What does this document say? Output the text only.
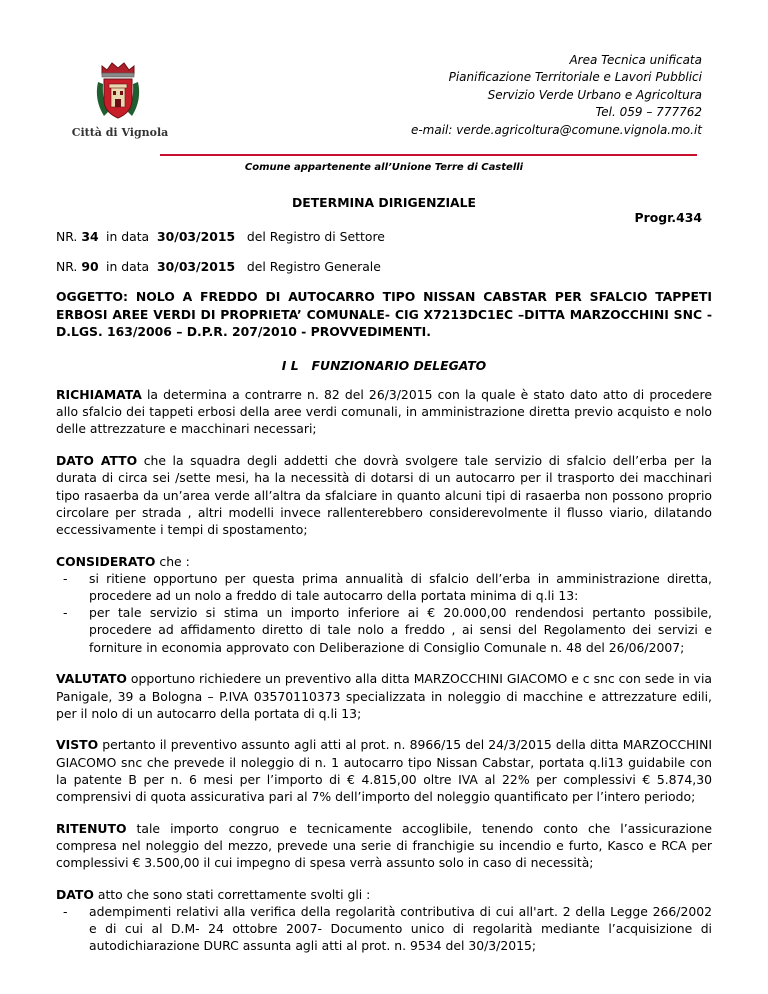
Città di Vignola
Area Tecnica unificata
Pianificazione Territoriale e Lavori Pubblici
Servizio Verde Urbano e Agricoltura
Tel. 059 – 777762
e-mail: verde.agricoltura@comune.vignola.mo.it
Comune appartenente all’Unione Terre di Castelli
DETERMINA DIRIGENZIALE
Progr.434
NR. 34 in data 30/03/2015 del Registro di Settore
NR. 90 in data 30/03/2015 del Registro Generale
OGGETTO: NOLO A FREDDO DI AUTOCARRO TIPO NISSAN CABSTAR PER SFALCIO TAPPETI ERBOSI AREE VERDI DI PROPRIETA’ COMUNALE- CIG X7213DC1EC –DITTA MARZOCCHINI SNC - D.LGS. 163/2006 – D.P.R. 207/2010 - PROVVEDIMENTI.
I L   FUNZIONARIO DELEGATO

RICHIAMATA la determina a contrarre n. 82 del 26/3/2015 con la quale è stato dato atto di procedere allo sfalcio dei tappeti erbosi della aree verdi comunali, in amministrazione diretta previo acquisto e nolo delle attrezzature e macchinari necessari;

DATO ATTO che la squadra degli addetti che dovrà svolgere tale servizio di sfalcio dell’erba per la durata di circa sei /sette mesi, ha la necessità di dotarsi di un autocarro per il trasporto dei macchinari tipo rasaerba da un’area verde all’altra da sfalciare in quanto alcuni tipi di rasaerba non possono proprio circolare per strada , altri modelli invece rallenterebbero considerevolmente il flusso viario, dilatando eccessivamente i tempi di spostamento;

CONSIDERATO che :

- si ritiene opportuno per questa prima annualità di sfalcio dell’erba in amministrazione diretta, procedere ad un nolo a freddo di tale autocarro della portata minima di q.li 13:
- per tale servizio si stima un importo inferiore ai € 20.000,00 rendendosi pertanto possibile, procedere ad affidamento diretto di tale nolo a freddo , ai sensi del Regolamento dei servizi e forniture in economia approvato con Deliberazione di Consiglio Comunale n. 48 del 26/06/2007;

VALUTATO opportuno richiedere un preventivo alla ditta MARZOCCHINI GIACOMO e c snc con sede in via Panigale, 39 a Bologna – P.IVA 03570110373 specializzata in noleggio di macchine e attrezzature edili, per il nolo di un autocarro della portata di q.li 13;

VISTO pertanto il preventivo assunto agli atti al prot. n. 8966/15 del 24/3/2015 della ditta MARZOCCHINI GIACOMO snc che prevede il noleggio di n. 1 autocarro tipo Nissan Cabstar, portata q.li13 guidabile con la patente B per n. 6 mesi per l’importo di € 4.815,00 oltre IVA al 22% per complessivi € 5.874,30 comprensivi di quota assicurativa pari al 7% dell’importo del noleggio quantificato per l’intero periodo;

RITENUTO tale importo congruo e tecnicamente accoglibile, tenendo conto che l’assicurazione compresa nel noleggio del mezzo, prevede una serie di franchigie su incendio e furto, Kasco e RCA per complessivi € 3.500,00 il cui impegno di spesa verrà assunto solo in caso di necessità;

DATO atto che sono stati correttamente svolti gli :

- adempimenti relativi alla verifica della regolarità contributiva di cui all'art. 2 della Legge 266/2002 e di cui al D.M- 24 ottobre 2007- Documento unico di regolarità mediante l’acquisizione di autodichiarazione DURC assunta agli atti al prot. n. 9534 del 30/3/2015;
